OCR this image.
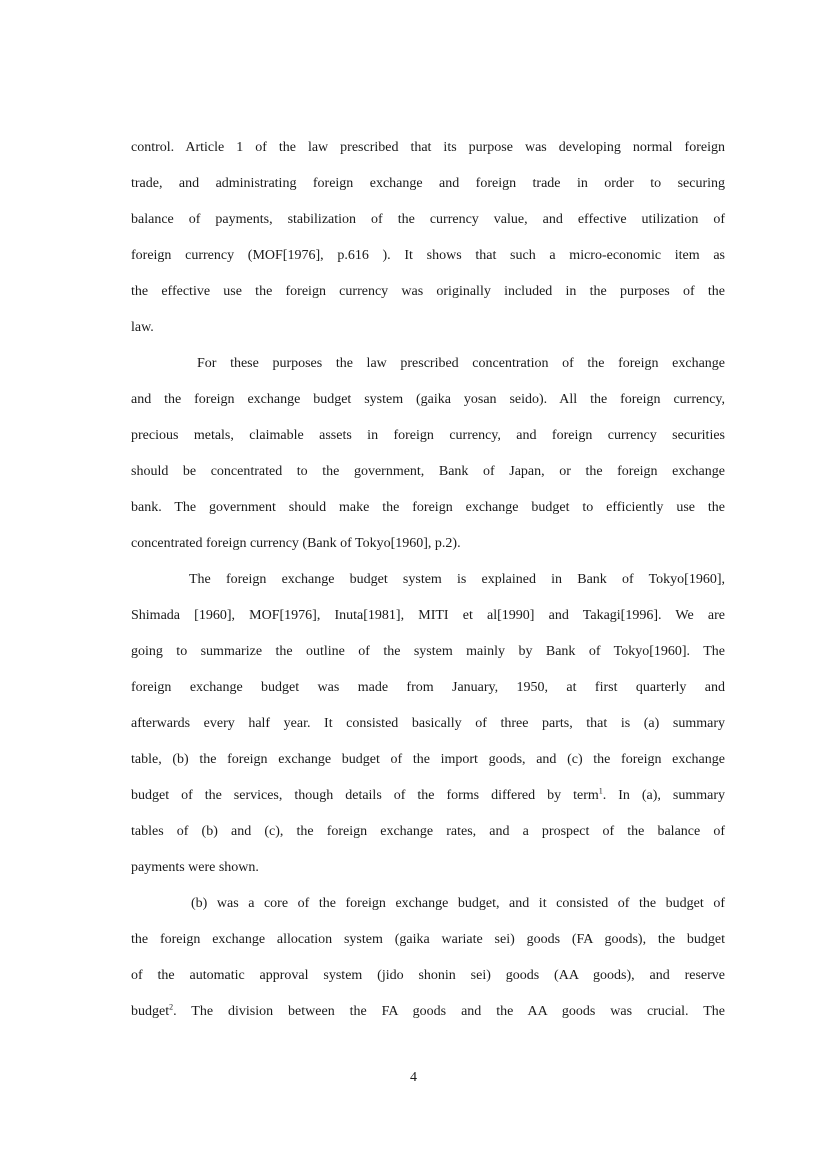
control. Article 1 of the law prescribed that its purpose was developing normal foreign
trade, and administrating foreign exchange and foreign trade in order to securing
balance of payments, stabilization of the currency value, and effective utilization of
foreign currency (MOF[1976], p.616 ). It shows that such a micro-economic item as
the effective use the foreign currency was originally included in the purposes of the
law.
For these purposes the law prescribed concentration of the foreign exchange
and the foreign exchange budget system (gaika yosan seido). All the foreign currency,
precious metals, claimable assets in foreign currency, and foreign currency securities
should be concentrated to the government, Bank of Japan, or the foreign exchange
bank. The government should make the foreign exchange budget to efficiently use the
concentrated foreign currency (Bank of Tokyo[1960], p.2).
The foreign exchange budget system is explained in Bank of Tokyo[1960],
Shimada [1960], MOF[1976], Inuta[1981], MITI et al[1990] and Takagi[1996]. We are
going to summarize the outline of the system mainly by Bank of Tokyo[1960]. The
foreign exchange budget was made from January, 1950, at first quarterly and
afterwards every half year. It consisted basically of three parts, that is (a) summary
table, (b) the foreign exchange budget of the import goods, and (c) the foreign exchange
budget of the services, though details of the forms differed by term$^1$. In (a), summary
tables of (b) and (c), the foreign exchange rates, and a prospect of the balance of
payments were shown.
(b) was a core of the foreign exchange budget, and it consisted of the budget of
the foreign exchange allocation system (gaika wariate sei) goods (FA goods), the budget
of the automatic approval system (jido shonin sei) goods (AA goods), and reserve
budget$^2$. The division between the FA goods and the AA goods was crucial. The
4
